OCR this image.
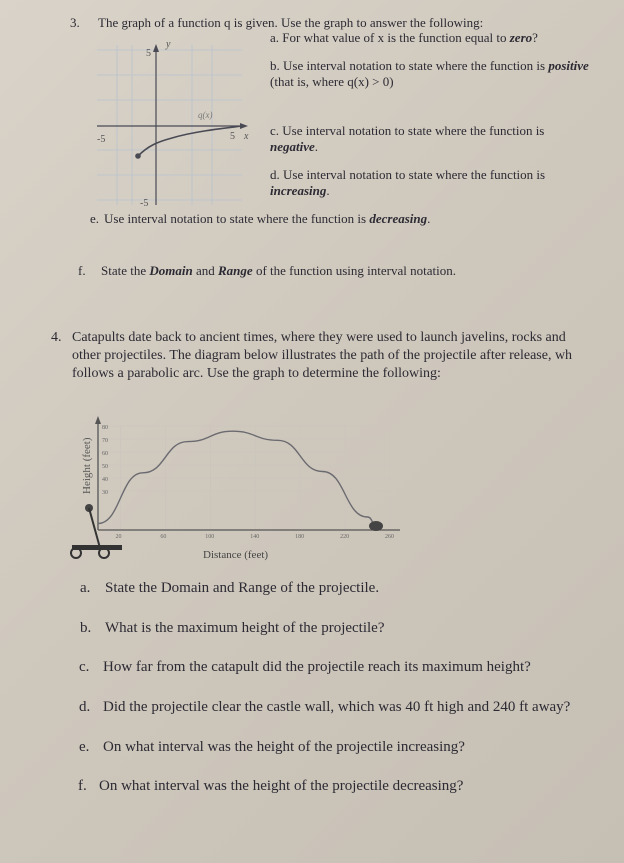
3. The graph of a function q is given. Use the graph to answer the following:
a. For what value of x is the function equal to zero?
b. Use interval notation to state where the function is positive
(that is, where q(x) > 0)
c. Use interval notation to state where the function is
negative.
d. Use interval notation to state where the function is
increasing.
5
-5
-5	5 x
y
q(x)
e. Use interval notation to state where the function is decreasing.
f. State the Domain and Range of the function using interval notation.
4. Catapults date back to ancient times, where they were used to launch javelins, rocks and
other projectiles. The diagram below illustrates the path of the projectile after release, wh
follows a parabolic arc. Use the graph to determine the following:
80
70
60
50
40
30
20	60	100	140	180	220	260
Height (feet)
Distance (feet)
a. State the Domain and Range of the projectile.
b. What is the maximum height of the projectile?
c. How far from the catapult did the projectile reach its maximum height?
d. Did the projectile clear the castle wall, which was 40 ft high and 240 ft away?
e. On what interval was the height of the projectile increasing?
f. On what interval was the height of the projectile decreasing?
